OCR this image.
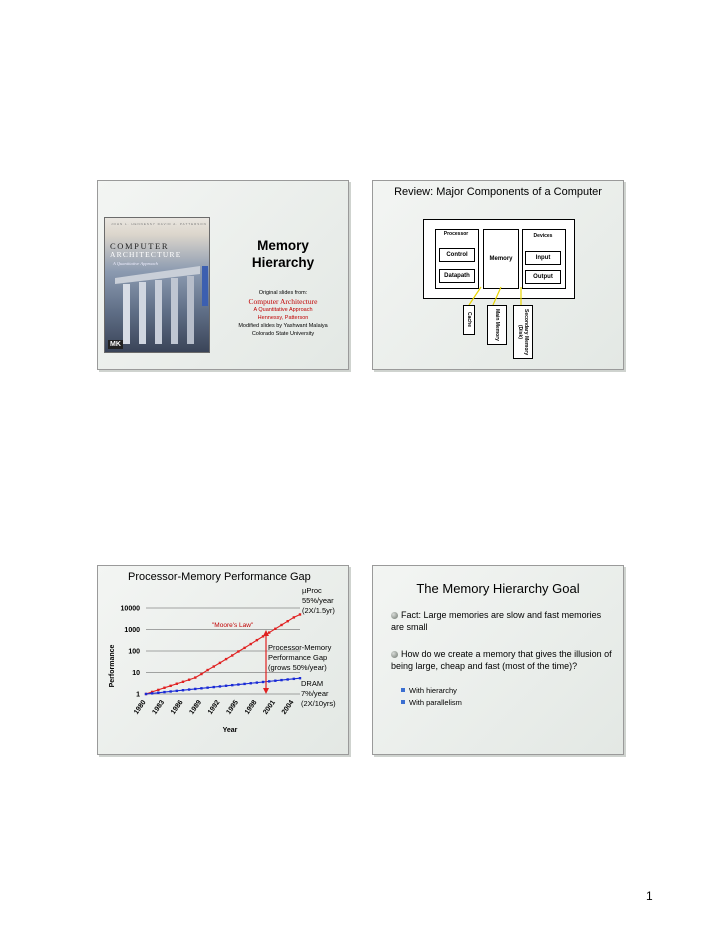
JOHN L. HENNESSY DAVID A. PATTERSON
COMPUTER
ARCHITECTURE
A Quantitative Approach
MK
Memory
Hierarchy
Original slides from:
Computer Architecture
A Quantitative Approach
Hennessy, Patterson
Modified slides by Yashwant Malaiya
Colorado State University
Review: Major Components of a Computer
Processor
Control
Datapath
Memory
Devices
Input
Output
Cache	Main Memory	Secondary Memory (Disk)
Processor-Memory Performance Gap
10000
1000
100
10
1
1980 1983 1986 1989 1992 1995 1998 2001 2004
Performance
Year
"Moore's Law"
µProc
55%/year
(2X/1.5yr)
Processor-Memory
Performance Gap
(grows 50%/year)
DRAM
7%/year
(2X/10yrs)
The Memory Hierarchy Goal
Fact: Large memories are slow and fast memories are small
How do we create a memory that gives the illusion of being large, cheap and fast (most of the time)?
With hierarchy
With parallelism
1
